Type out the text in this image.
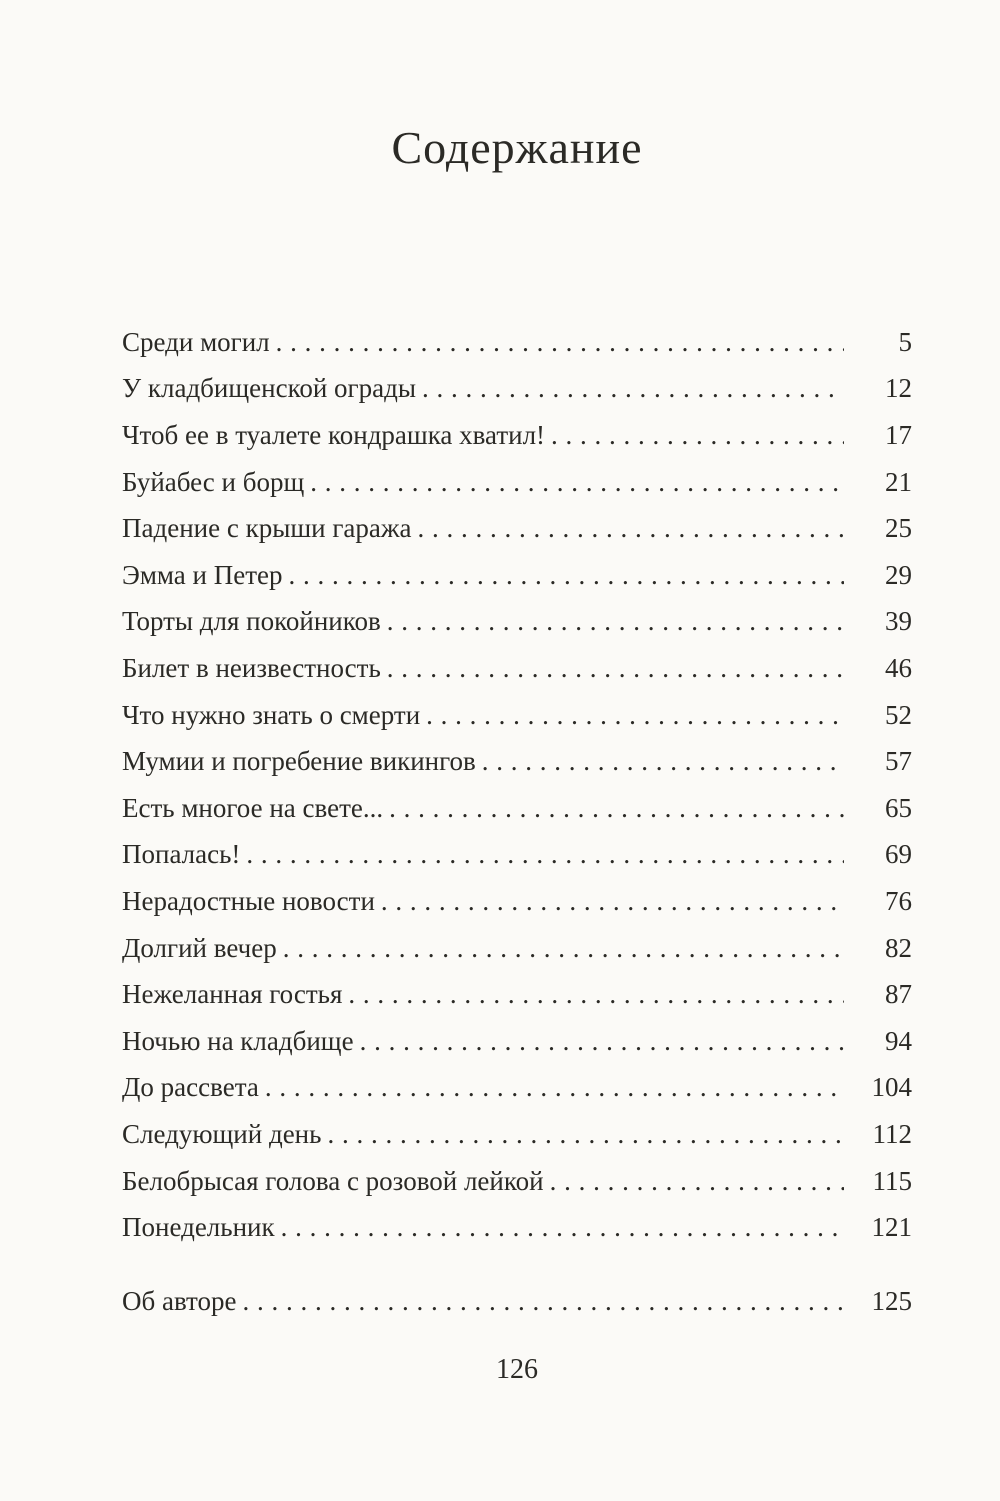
Содержание
Среди могил . . .	5
У кладбищенской ограды . . .	12
Чтоб ее в туалете кондрашка хватил! . . .	17
Буйабес и борщ . . .	21
Падение с крыши гаража . . .	25
Эмма и Петер . . .	29
Торты для покойников . . .	39
Билет в неизвестность . . .	46
Что нужно знать о смерти . . .	52
Мумии и погребение викингов . . .	57
Есть многое на свете... . . .	65
Попалась! . . .	69
Нерадостные новости . . .	76
Долгий вечер . . .	82
Нежеланная гостья . . .	87
Ночью на кладбище . . .	94
До рассвета . . .	104
Следующий день . . .	112
Белобрысая голова с розовой лейкой . . .	115
Понедельник . . .	121
Об авторе . . .	125
126
